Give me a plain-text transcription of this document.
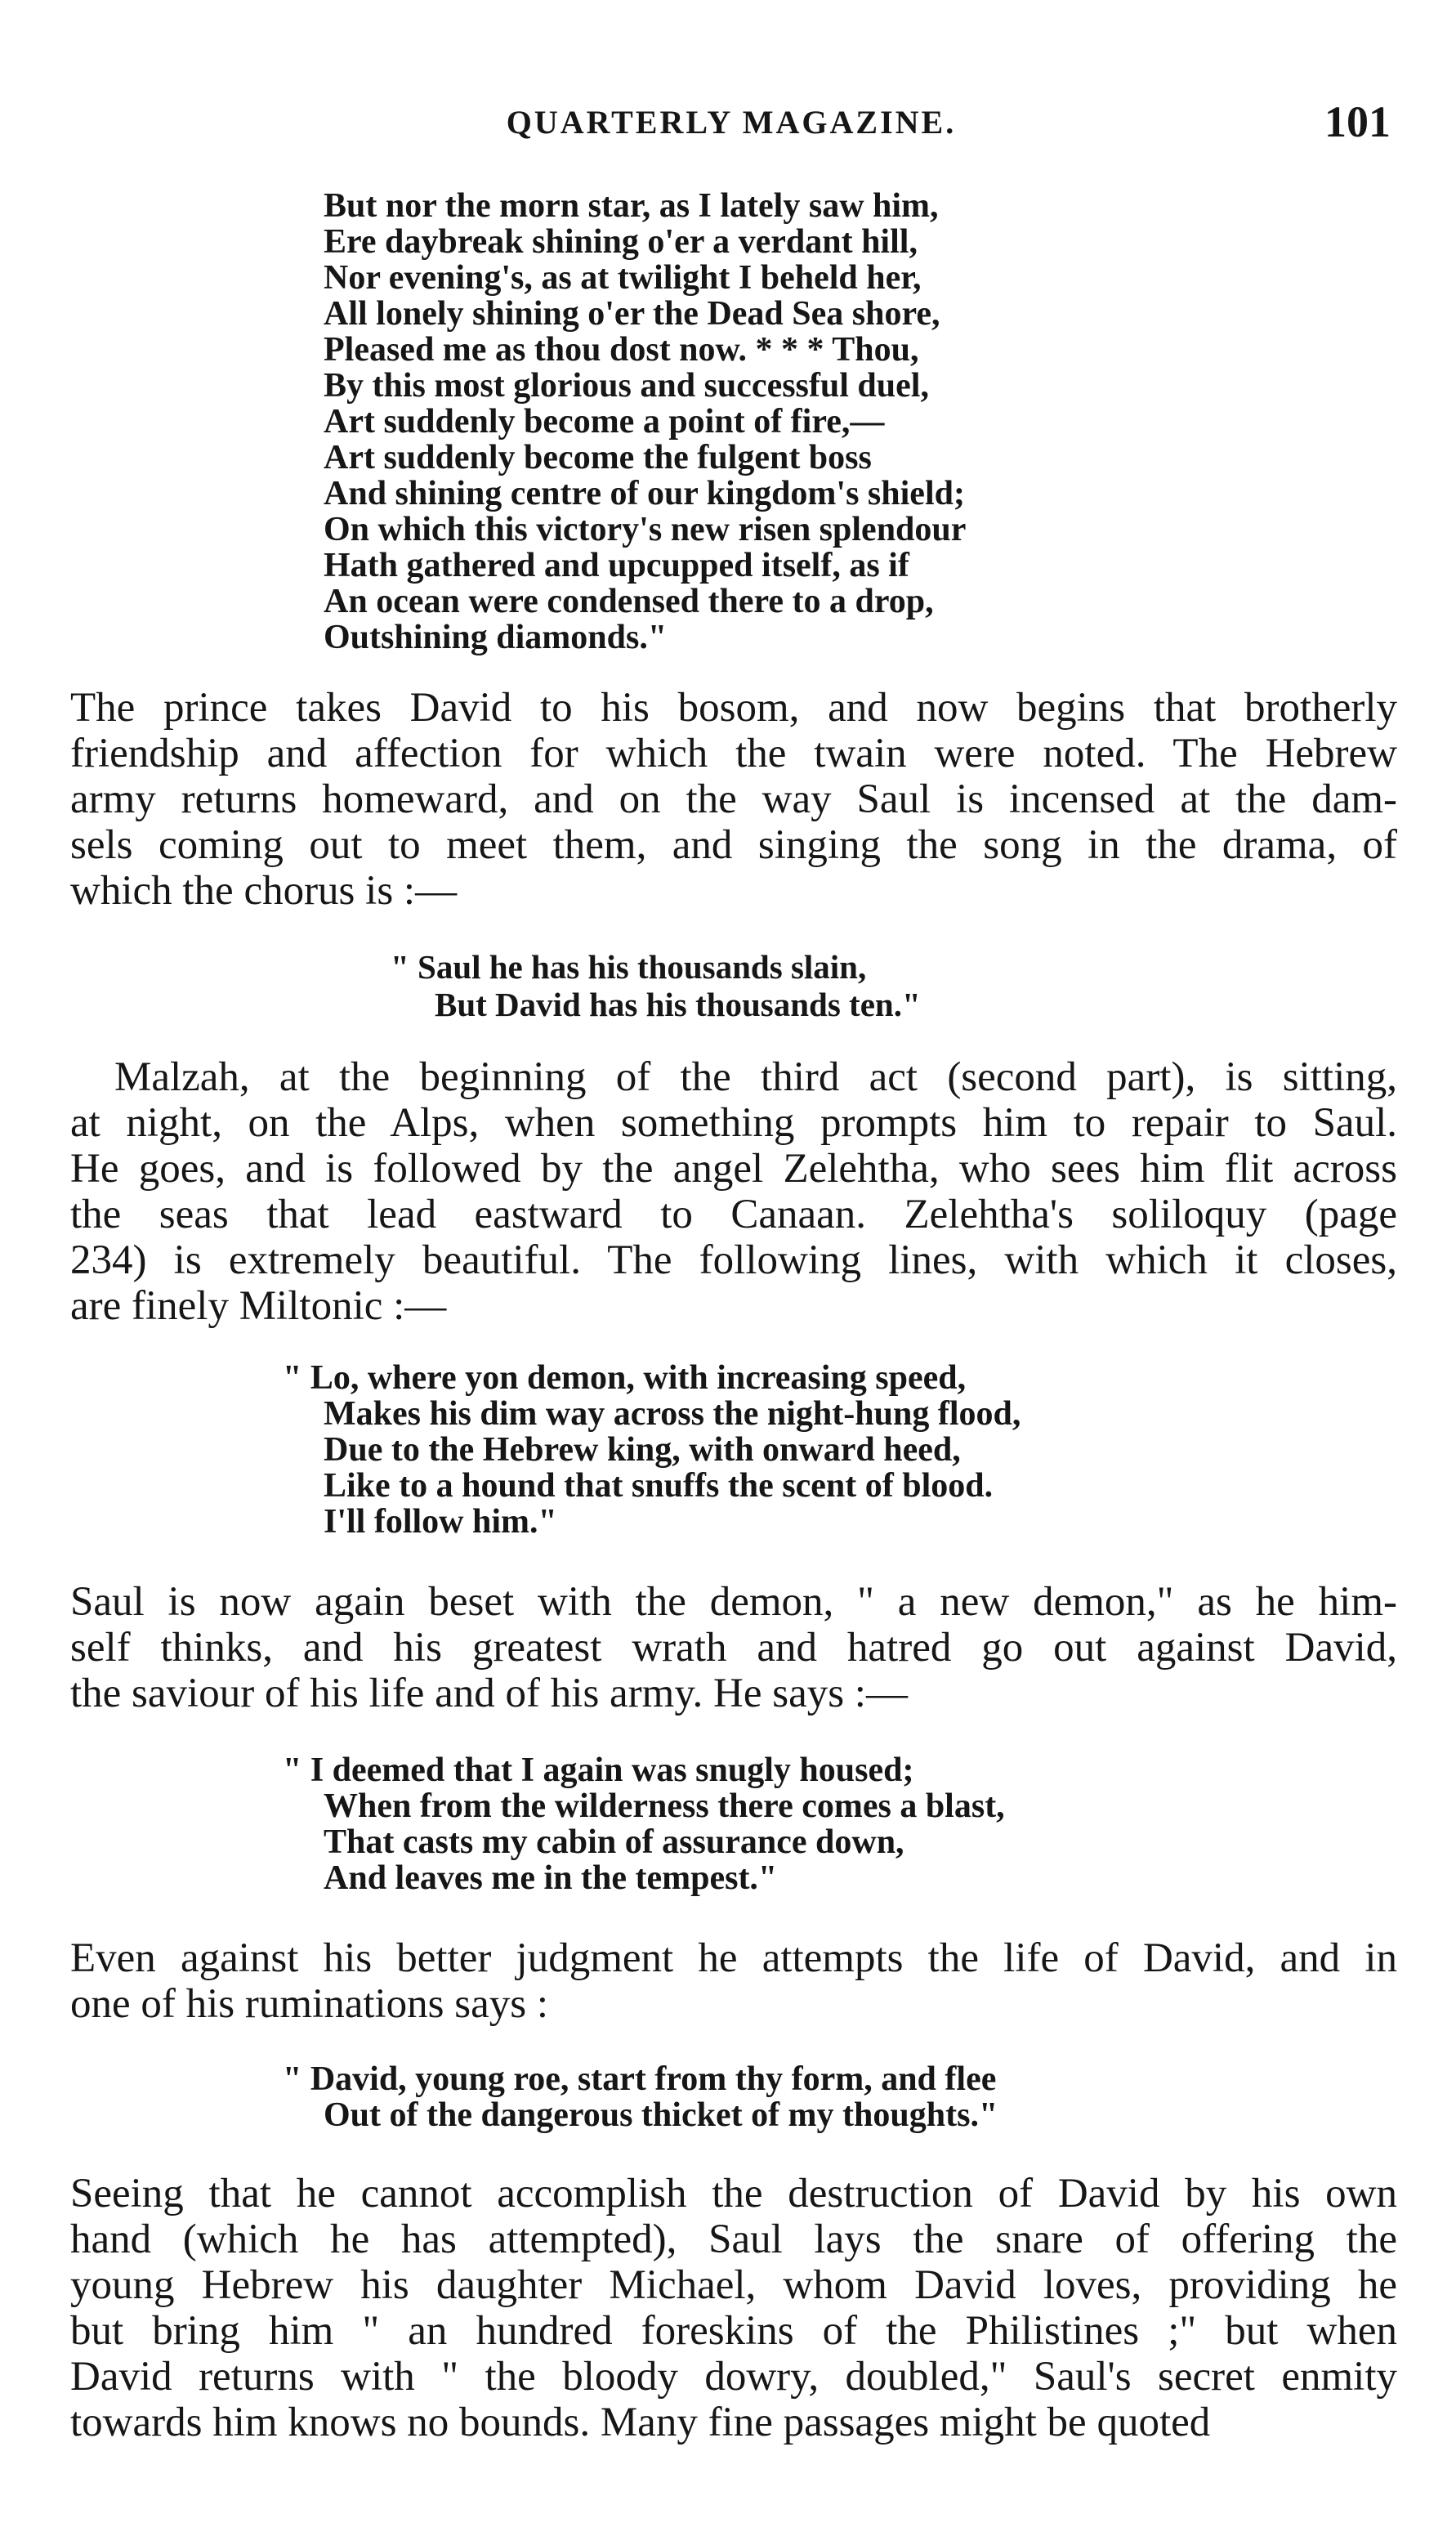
QUARTERLY MAGAZINE.	101
But nor the morn star, as I lately saw him,
Ere daybreak shining o'er a verdant hill,
Nor evening's, as at twilight I beheld her,
All lonely shining o'er the Dead Sea shore,
Pleased me as thou dost now. * * * Thou,
By this most glorious and successful duel,
Art suddenly become a point of fire,—
Art suddenly become the fulgent boss
And shining centre of our kingdom's shield;
On which this victory's new risen splendour
Hath gathered and upcupped itself, as if
An ocean were condensed there to a drop,
Outshining diamonds."

The prince takes David to his bosom, and now begins that brotherly
friendship and affection for which the twain were noted. The Hebrew
army returns homeward, and on the way Saul is incensed at the dam-
sels coming out to meet them, and singing the song in the drama, of
which the chorus is :—

" Saul he has his thousands slain,
But David has his thousands ten."

Malzah, at the beginning of the third act (second part), is sitting,
at night, on the Alps, when something prompts him to repair to Saul.
He goes, and is followed by the angel Zelehtha, who sees him flit across
the seas that lead eastward to Canaan. Zelehtha's soliloquy (page
234) is extremely beautiful. The following lines, with which it closes,
are finely Miltonic :—

" Lo, where yon demon, with increasing speed,
Makes his dim way across the night-hung flood,
Due to the Hebrew king, with onward heed,
Like to a hound that snuffs the scent of blood.
I'll follow him."

Saul is now again beset with the demon, " a new demon," as he him-
self thinks, and his greatest wrath and hatred go out against David,
the saviour of his life and of his army. He says :—

" I deemed that I again was snugly housed;
When from the wilderness there comes a blast,
That casts my cabin of assurance down,
And leaves me in the tempest."

Even against his better judgment he attempts the life of David, and in
one of his ruminations says :

" David, young roe, start from thy form, and flee
Out of the dangerous thicket of my thoughts."

Seeing that he cannot accomplish the destruction of David by his own
hand (which he has attempted), Saul lays the snare of offering the
young Hebrew his daughter Michael, whom David loves, providing he
but bring him " an hundred foreskins of the Philistines ;" but when
David returns with " the bloody dowry, doubled," Saul's secret enmity
towards him knows no bounds. Many fine passages might be quoted
